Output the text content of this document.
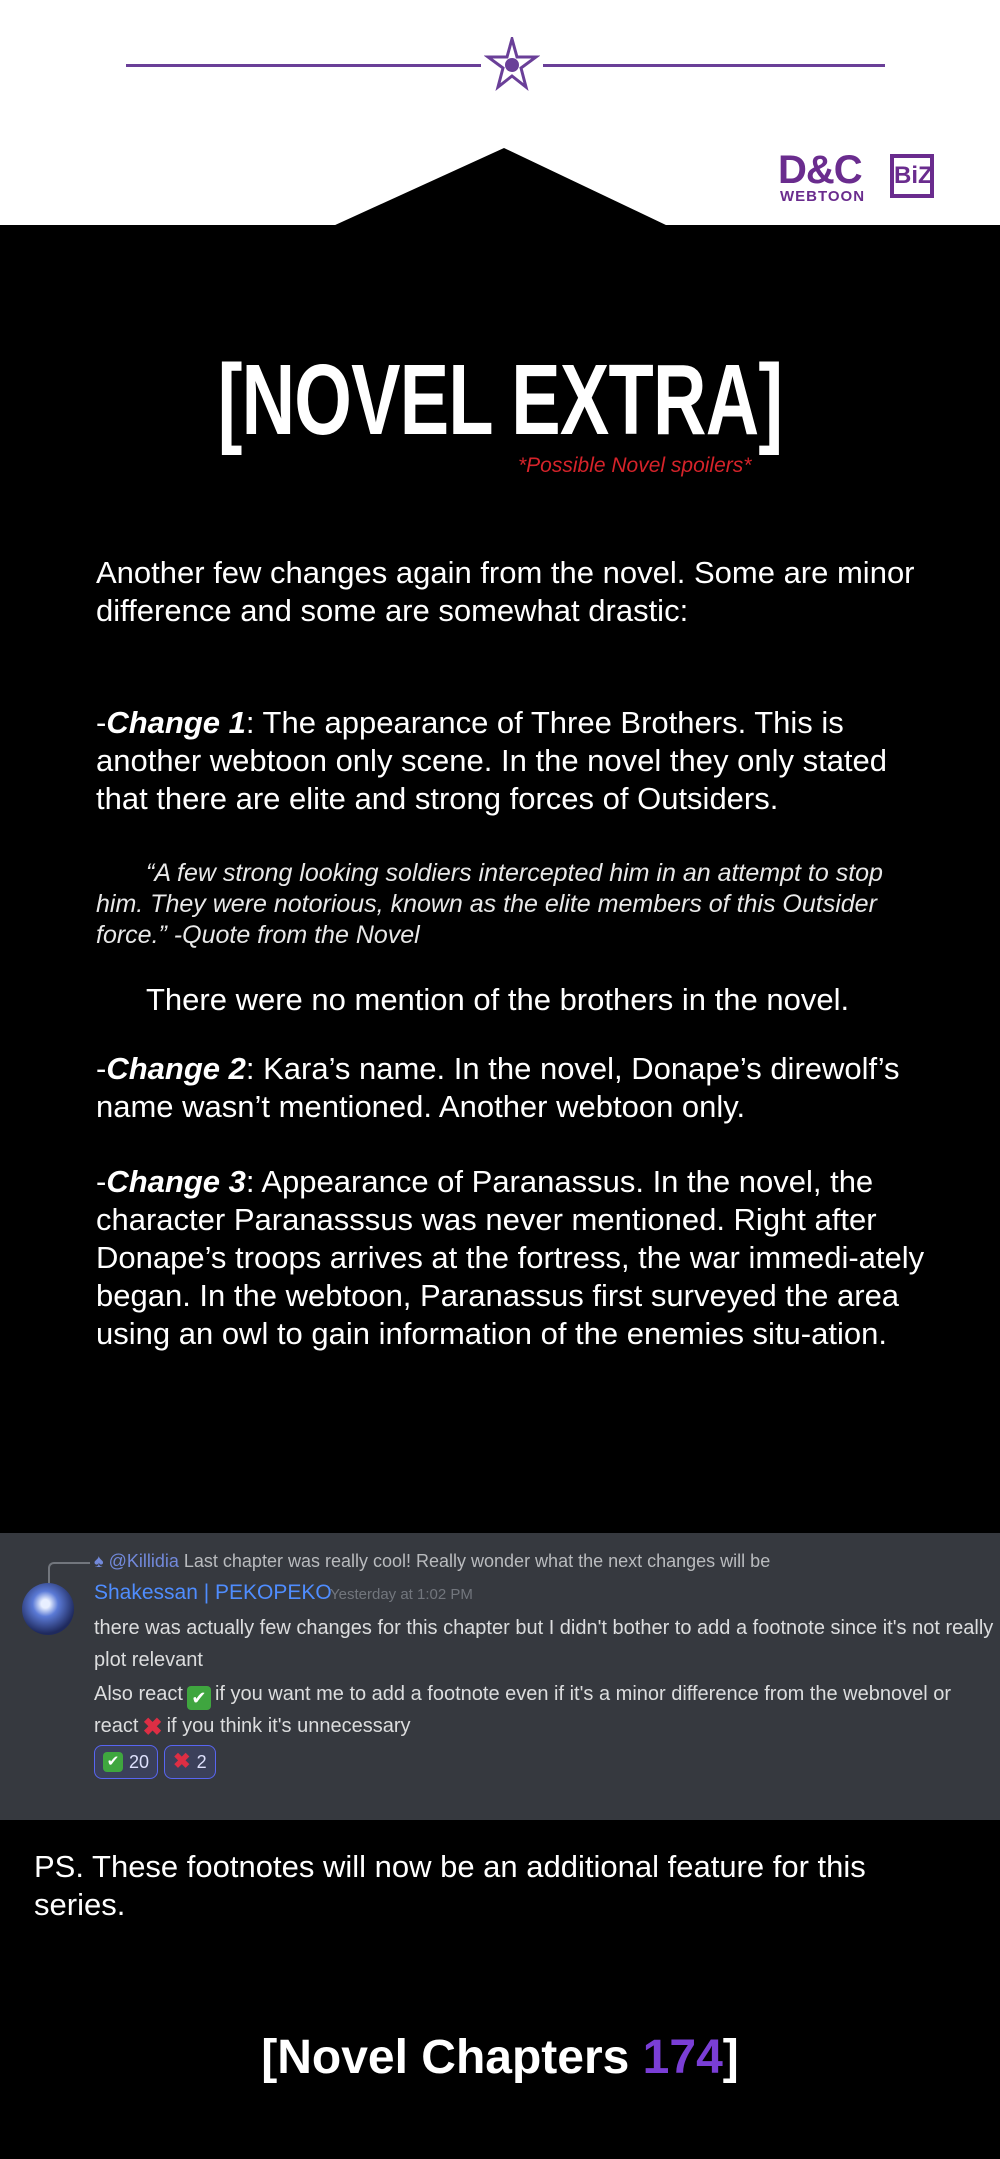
D&C
WEBTOON
BiZ
[NOVEL EXTRA]
*Possible Novel spoilers*
Another few changes again from the novel. Some are minor difference and some are somewhat drastic:
-Change 1: The appearance of Three Brothers. This is another webtoon only scene. In the novel they only stated that there are elite and strong forces of Outsiders.
“A few strong looking soldiers intercepted him in an attempt to stop him. They were notorious, known as the elite members of this Outsider force.” -Quote from the Novel
There were no mention of the brothers in the novel.
-Change 2: Kara’s name. In the novel, Donape’s direwolf’s name wasn’t mentioned. Another webtoon only.
-Change 3: Appearance of Paranassus. In the novel, the character Paranasssus was never mentioned. Right after Donape’s troops arrives at the fortress, the war immedi-ately began. In the webtoon, Paranassus first surveyed the area using an owl to gain information of the enemies situ-ation.
♠ @Killidia Last chapter was really cool! Really wonder what the next changes will be
Shakessan | PEKOPEKO
Yesterday at 1:02 PM
there was actually few changes for this chapter but I didn't bother to add a footnote since it's not really plot relevant
Also react ✔ if you want me to add a footnote even if it's a minor difference from the webnovel or react ✖ if you think it's unnecessary
✔ 20 ✖ 2
PS. These footnotes will now be an additional feature for this series.
[Novel Chapters 174]
